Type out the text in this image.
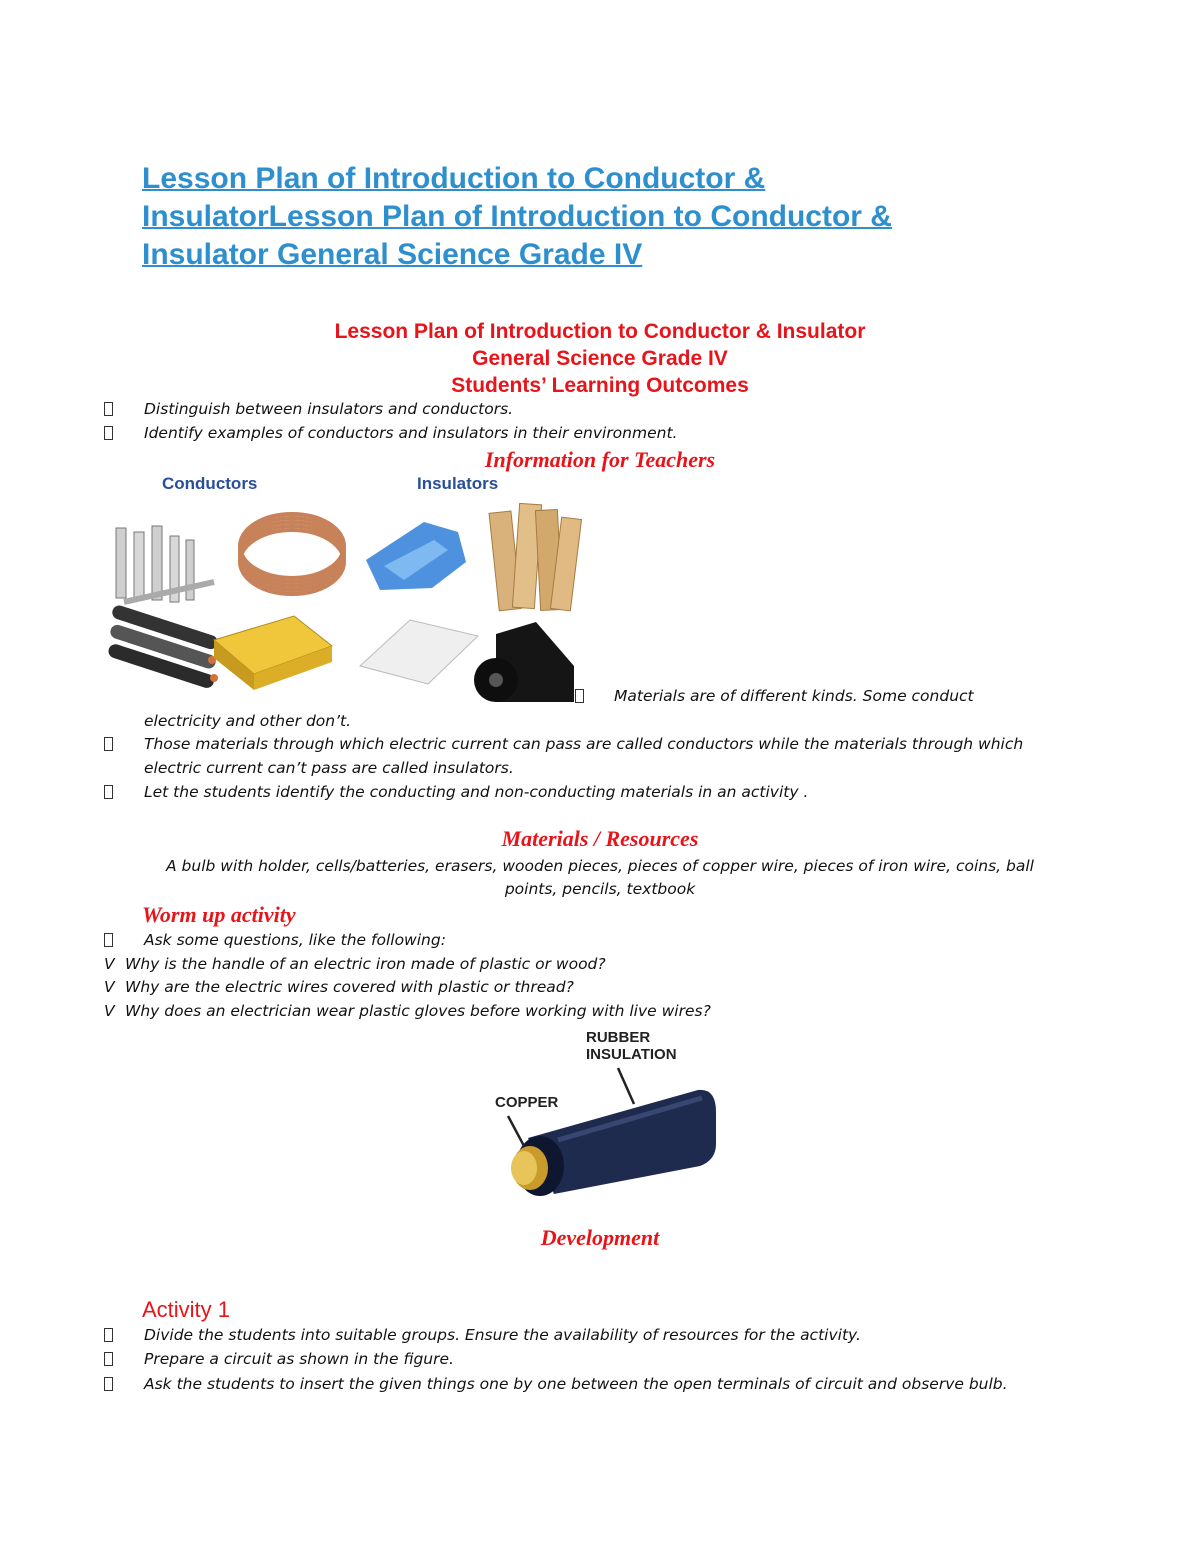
Lesson Plan of Introduction to Conductor &
InsulatorLesson Plan of Introduction to Conductor &
Insulator General Science Grade IV
Lesson Plan of Introduction to Conductor & Insulator
General Science Grade IV
Students’ Learning Outcomes
Distinguish between insulators and conductors.
Identify examples of conductors and insulators in their environment.
Information for Teachers
Conductors	Insulators
Materials are of different kinds. Some conduct
electricity and other don’t.
Those materials through which electric current can pass are called conductors while the materials through which
electric current can’t pass are called insulators.
Let the students identify the conducting and non-conducting materials in an activity .
Materials / Resources
A bulb with holder, cells/batteries, erasers, wooden pieces, pieces of copper wire, pieces of iron wire, coins, ball
points, pencils, textbook
Worm up activity
Ask some questions, like the following:
V Why is the handle of an electric iron made of plastic or wood?
V Why are the electric wires covered with plastic or thread?
V Why does an electrician wear plastic gloves before working with live wires?
RUBBER
INSULATION
COPPER
Development
Activity 1
Divide the students into suitable groups. Ensure the availability of resources for the activity.
Prepare a circuit as shown in the figure.
Ask the students to insert the given things one by one between the open terminals of circuit and observe bulb.
